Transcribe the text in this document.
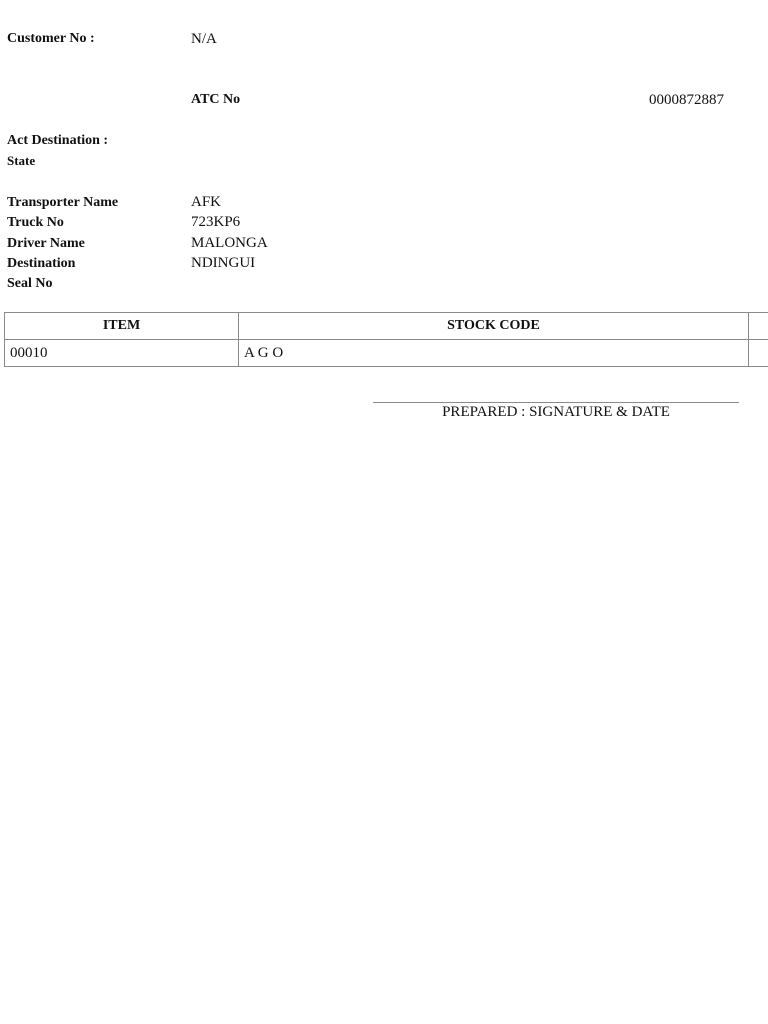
Customer No :	N/A
ATC No	0000872887
Act Destination :
State
Transporter Name	AFK
Truck No	723KP6
Driver Name	MALONGA
Destination	NDINGUI
Seal No
ITEM	STOCK CODE	
00010	A G O	
PREPARED : SIGNATURE & DATE
